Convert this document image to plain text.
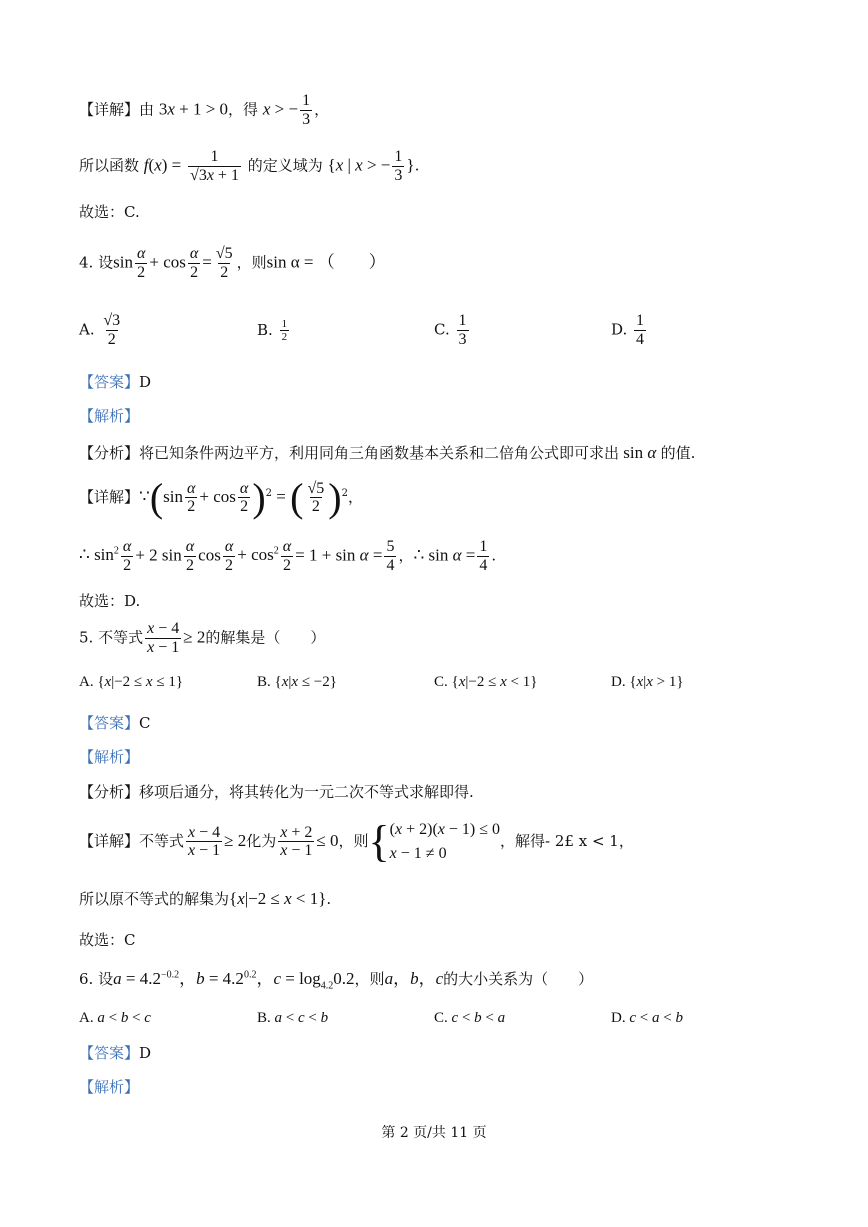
【详解】由 3x + 1 > 0，得 x > − $\frac{1}{3}$ ，
所以函数 $f(x) = \frac{1}{√3x + 1}$ 的定义域为 {x | x > − $\frac{1}{3}$ }.
故选：C.
4. 设$\sin \frac{\alpha}{2} + \cos \frac{\alpha}{2} = \frac{√5}{2}$ ，则sin α = （　　）
A. $\frac{√3}{2}$	B. $\frac{1}{2}$	C. $\frac{1}{3}$	D. $\frac{1}{4}$
【答案】D
【解析】
【分析】将已知条件两边平方，利用同角三角函数基本关系和二倍角公式即可求出 sin α 的值.
【详解】∵(sin $\frac{\alpha}{2} + \cos \frac{\alpha}{2} )^2$ = ( $\frac{√5}{2} )^2$，
∴ $\sin^2 \frac{\alpha}{2} + 2$ $\sin \frac{\alpha}{2}$ $\cos \frac{\alpha}{2} + \cos^2 \frac{\alpha}{2} = 1 + \sin \alpha = \frac{5}{4}$ ，∴ $\sin \alpha = \frac{1}{4}$ .
故选：D.
5. 不等式 $\frac{x - 4}{x - 1} \ge 2$的解集是（　　）
A. {x|−2 ≤ x ≤ 1}	B. {x|x ≤ −2}	C. {x|−2 ≤ x < 1}	D. {x|x > 1}
【答案】C
【解析】
【分析】移项后通分，将其转化为一元二次不等式求解即得.
【详解】不等式 $\frac{x - 4}{x - 1} \ge 2$化为 $\frac{x + 2}{x - 1} \le 0$，则{ (x + 2)(x − 1) ≤ 0
x − 1 ≠ 0
，解得- 2£ x < 1，
所以原不等式的解集为{x|−2 ≤ x < 1}.
故选：C
6. 设$a = 4.2^{-0.2}$，$b = 4.2^{0.2}$，$c = \log_{4.2}0.2$，则a，b，c的大小关系为（　　）
A. a < b < c	B. a < c < b	C. c < b < a	D. c < a < b
【答案】D
【解析】
第 2 页/共 11 页
